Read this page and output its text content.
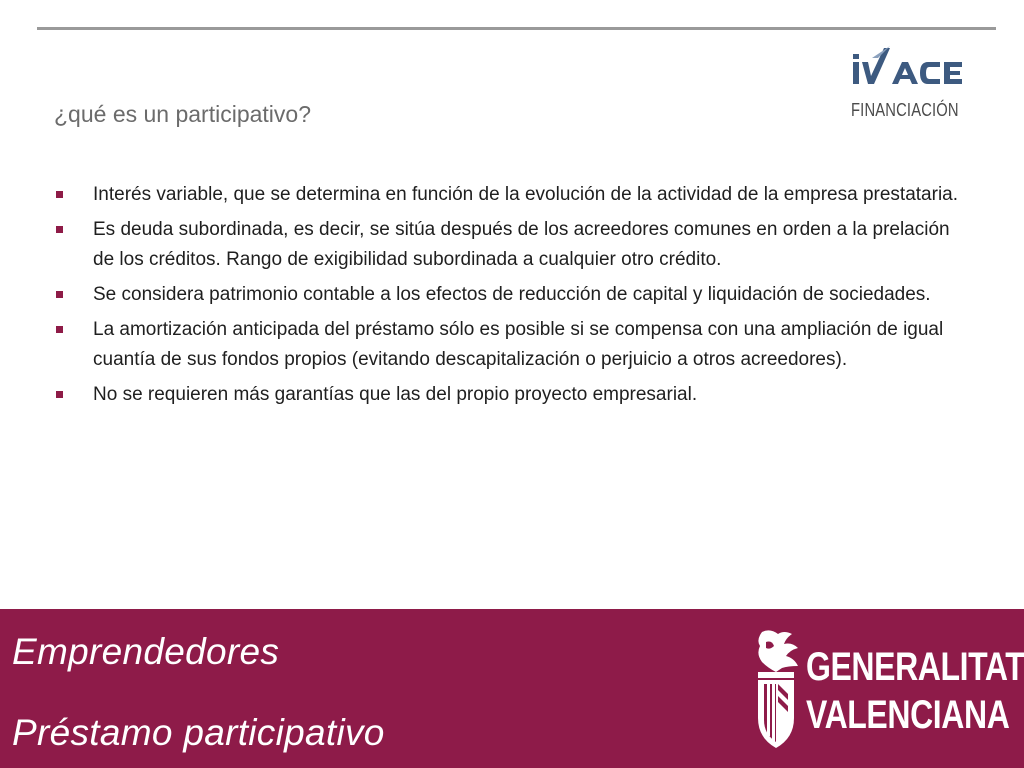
IVACE
FINANCIACIÓN
¿qué es un participativo?
Interés variable, que se determina en función de la evolución de la actividad de la empresa prestataria.
Es deuda subordinada, es decir, se sitúa después de los acreedores comunes en orden a la prelación de los créditos. Rango de exigibilidad subordinada a cualquier otro crédito.
Se considera patrimonio contable a los efectos de reducción de capital y liquidación de sociedades.
La amortización anticipada del préstamo sólo es posible si se compensa con una ampliación de igual cuantía de sus fondos propios (evitando descapitalización o perjuicio a otros acreedores).
No se requieren más garantías que las del propio proyecto empresarial.
Emprendedores
Préstamo participativo
GENERALITAT
VALENCIANA
